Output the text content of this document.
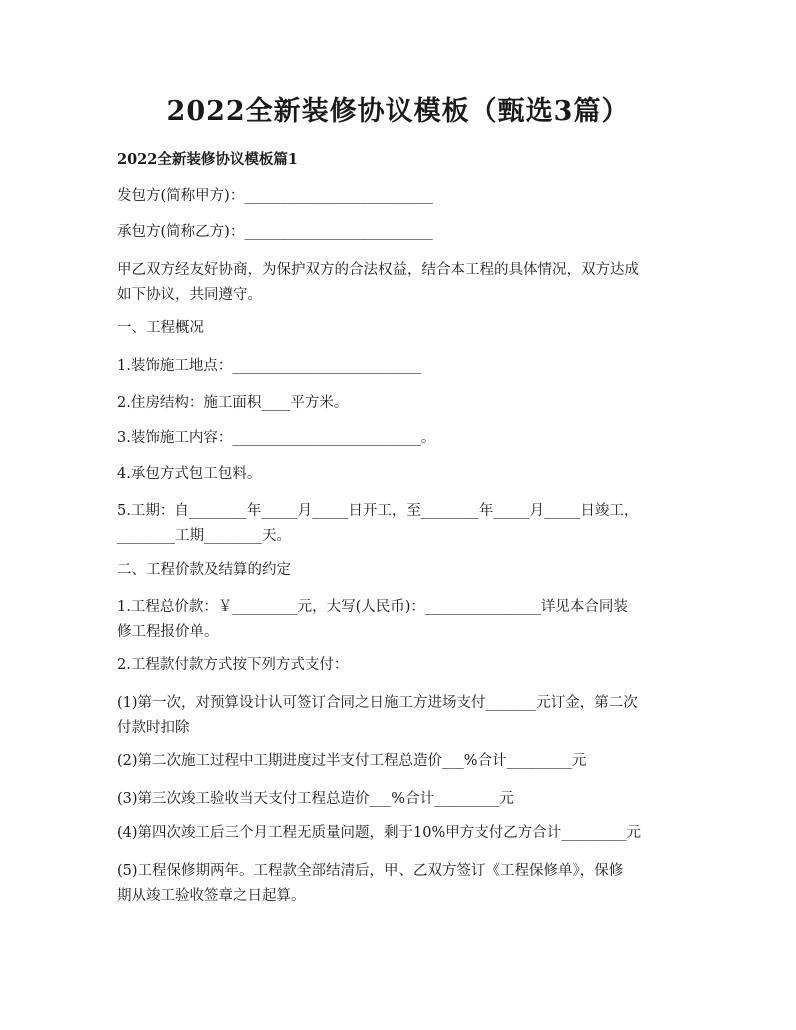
2022全新装修协议模板（甄选3篇）
2022全新装修协议模板篇1
发包方(简称甲方)：__________________________
承包方(简称乙方)：__________________________
甲乙双方经友好协商，为保护双方的合法权益，结合本工程的具体情况，双方达成
如下协议，共同遵守。
一、工程概况
1.装饰施工地点：__________________________
2.住房结构：施工面积____平方米。
3.装饰施工内容：__________________________。
4.承包方式包工包料。
5.工期：自________年_____月_____日开工，至________年_____月_____日竣工，
________工期________天。
二、工程价款及结算的约定
1.工程总价款：￥_________元，大写(人民币)：________________详见本合同装
修工程报价单。
2.工程款付款方式按下列方式支付：
(1)第一次，对预算设计认可签订合同之日施工方进场支付_______元订金，第二次
付款时扣除
(2)第二次施工过程中工期进度过半支付工程总造价___%合计_________元
(3)第三次竣工验收当天支付工程总造价___%合计_________元
(4)第四次竣工后三个月工程无质量问题，剩于10%甲方支付乙方合计_________元
(5)工程保修期两年。工程款全部结清后，甲、乙双方签订《工程保修单》，保修
期从竣工验收签章之日起算。
